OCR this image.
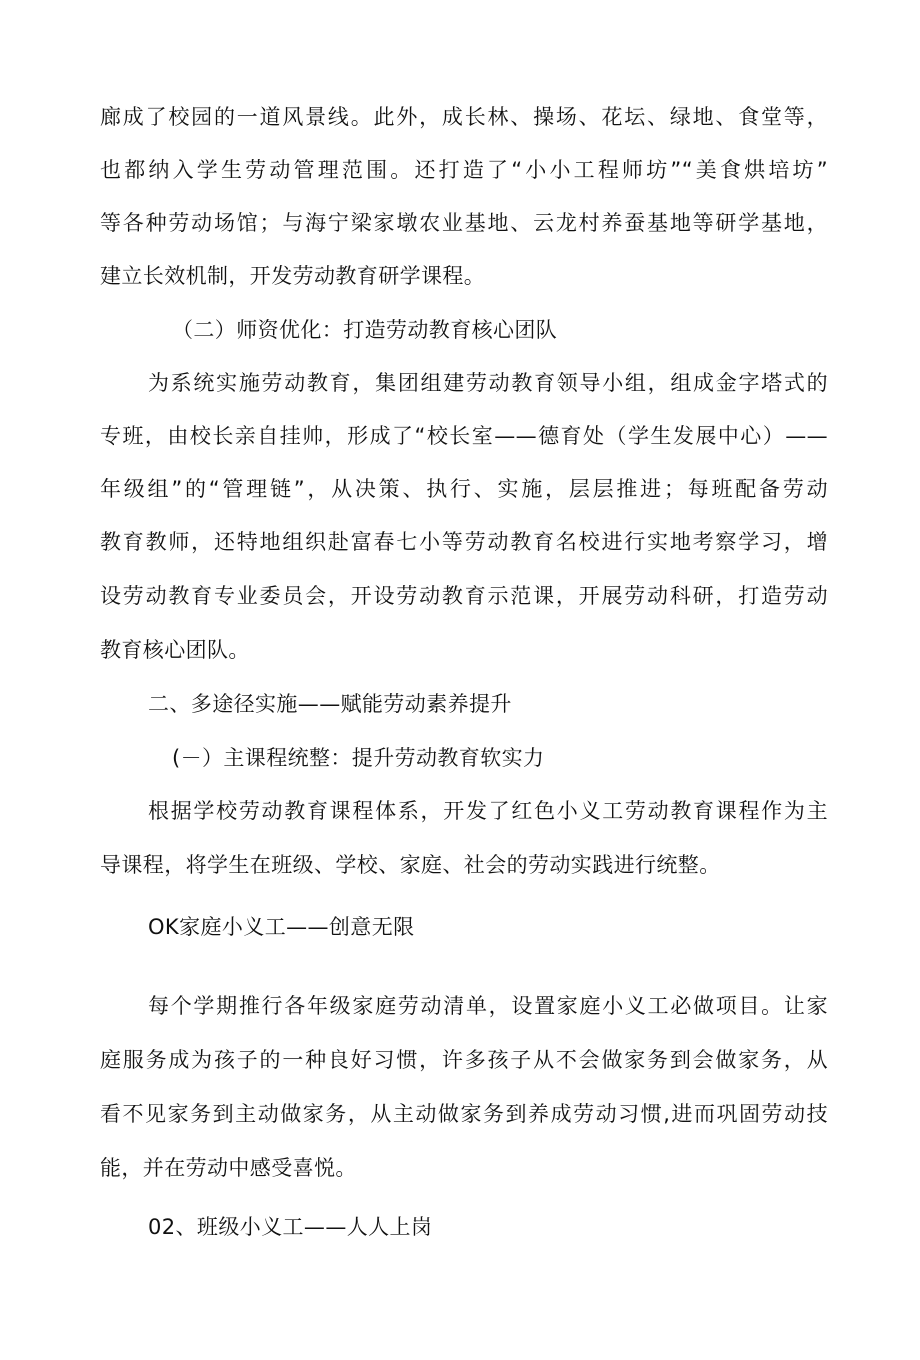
廊成了校园的一道风景线。此外，成长林、操场、花坛、绿地、食堂等，
也都纳入学生劳动管理范围。还打造了“小小工程师坊”“美食烘培坊”
等各种劳动场馆；与海宁梁家墩农业基地、云龙村养蚕基地等研学基地，
建立长效机制，开发劳动教育研学课程。
（二）师资优化：打造劳动教育核心团队
为系统实施劳动教育，集团组建劳动教育领导小组，组成金字塔式的
专班，由校长亲自挂帅，形成了“校长室——德育处（学生发展中心）——
年级组”的“管理链”，从决策、执行、实施，层层推进；每班配备劳动
教育教师，还特地组织赴富春七小等劳动教育名校进行实地考察学习，增
设劳动教育专业委员会，开设劳动教育示范课，开展劳动科研，打造劳动
教育核心团队。
二、多途径实施——赋能劳动素养提升
(－）主课程统整：提升劳动教育软实力
根据学校劳动教育课程体系，开发了红色小义工劳动教育课程作为主
导课程，将学生在班级、学校、家庭、社会的劳动实践进行统整。
OK家庭小义工——创意无限
每个学期推行各年级家庭劳动清单，设置家庭小义工必做项目。让家
庭服务成为孩子的一种良好习惯，许多孩子从不会做家务到会做家务，从
看不见家务到主动做家务，从主动做家务到养成劳动习惯,进而巩固劳动技
能，并在劳动中感受喜悦。
02、班级小义工——人人上岗
